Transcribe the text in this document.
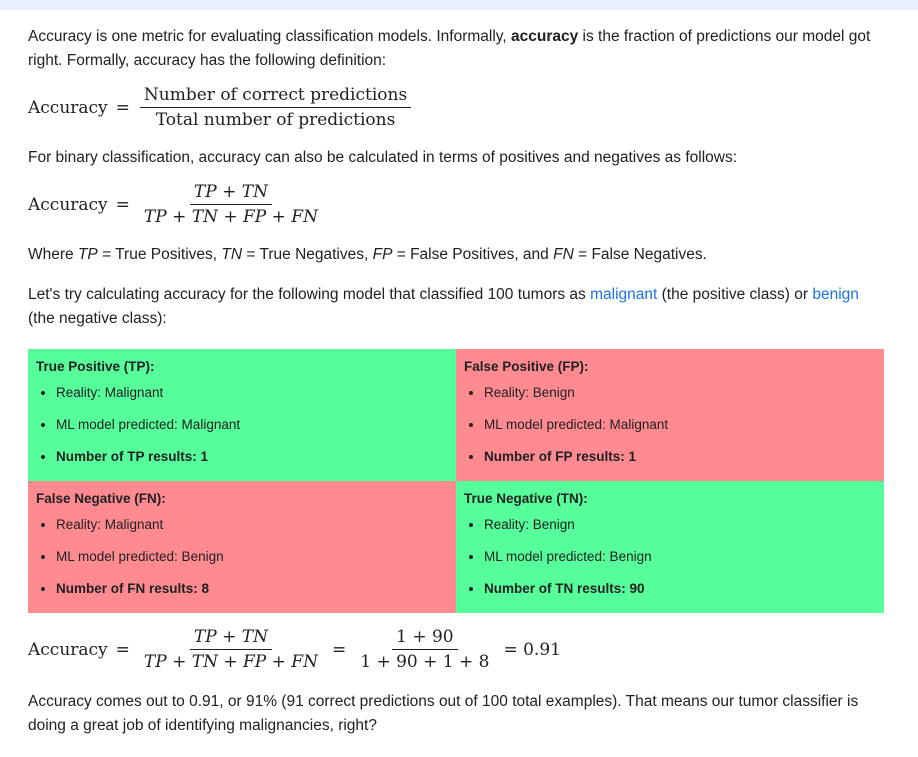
Accuracy is one metric for evaluating classification models. Informally, accuracy is the fraction of predictions our model got right. Formally, accuracy has the following definition:

Accuracy = $\frac{\text{Number of correct predictions}}{\text{Total number of predictions}}$

For binary classification, accuracy can also be calculated in terms of positives and negatives as follows:

Accuracy = $\frac{TP + TN}{TP + TN + FP + FN}$

Where TP = True Positives, TN = True Negatives, FP = False Positives, and FN = False Negatives.

Let's try calculating accuracy for the following model that classified 100 tumors as malignant (the positive class) or benign (the negative class):

True Positive (TP):
• Reality: Malignant
• ML model predicted: Malignant
• Number of TP results: 1
False Positive (FP):
• Reality: Benign
• ML model predicted: Malignant
• Number of FP results: 1
False Negative (FN):
• Reality: Malignant
• ML model predicted: Benign
• Number of FN results: 8
True Negative (TN):
• Reality: Benign
• ML model predicted: Benign
• Number of TN results: 90
Accuracy = $\frac{TP + TN}{TP + TN + FP + FN} = \frac{1 + 90}{1 + 90 + 1 + 8} = 0.91$

Accuracy comes out to 0.91, or 91% (91 correct predictions out of 100 total examples). That means our tumor classifier is doing a great job of identifying malignancies, right?
